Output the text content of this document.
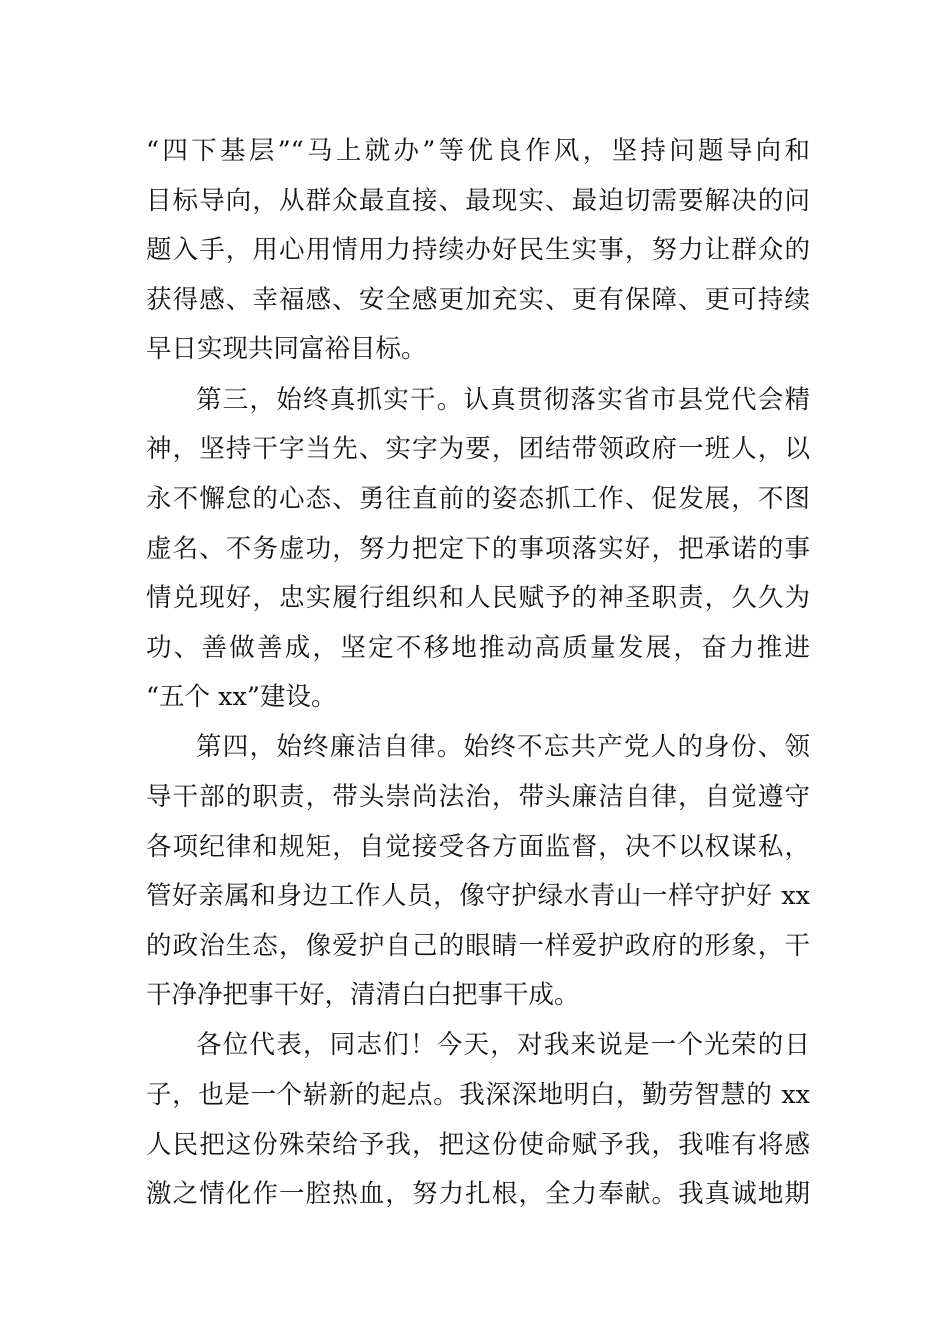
“四下基层”“马上就办”等优良作风，坚持问题导向和
目标导向，从群众最直接、最现实、最迫切需要解决的问
题入手，用心用情用力持续办好民生实事，努力让群众的
获得感、幸福感、安全感更加充实、更有保障、更可持续
早日实现共同富裕目标。
第三，始终真抓实干。认真贯彻落实省市县党代会精
神，坚持干字当先、实字为要，团结带领政府一班人，以
永不懈怠的心态、勇往直前的姿态抓工作、促发展，不图
虚名、不务虚功，努力把定下的事项落实好，把承诺的事
情兑现好，忠实履行组织和人民赋予的神圣职责，久久为
功、善做善成，坚定不移地推动高质量发展，奋力推进
“五个 xx”建设。
第四，始终廉洁自律。始终不忘共产党人的身份、领
导干部的职责，带头崇尚法治，带头廉洁自律，自觉遵守
各项纪律和规矩，自觉接受各方面监督，决不以权谋私，
管好亲属和身边工作人员，像守护绿水青山一样守护好 xx
的政治生态，像爱护自己的眼睛一样爱护政府的形象，干
干净净把事干好，清清白白把事干成。
各位代表，同志们！今天，对我来说是一个光荣的日
子，也是一个崭新的起点。我深深地明白，勤劳智慧的 xx
人民把这份殊荣给予我，把这份使命赋予我，我唯有将感
激之情化作一腔热血，努力扎根，全力奉献。我真诚地期
